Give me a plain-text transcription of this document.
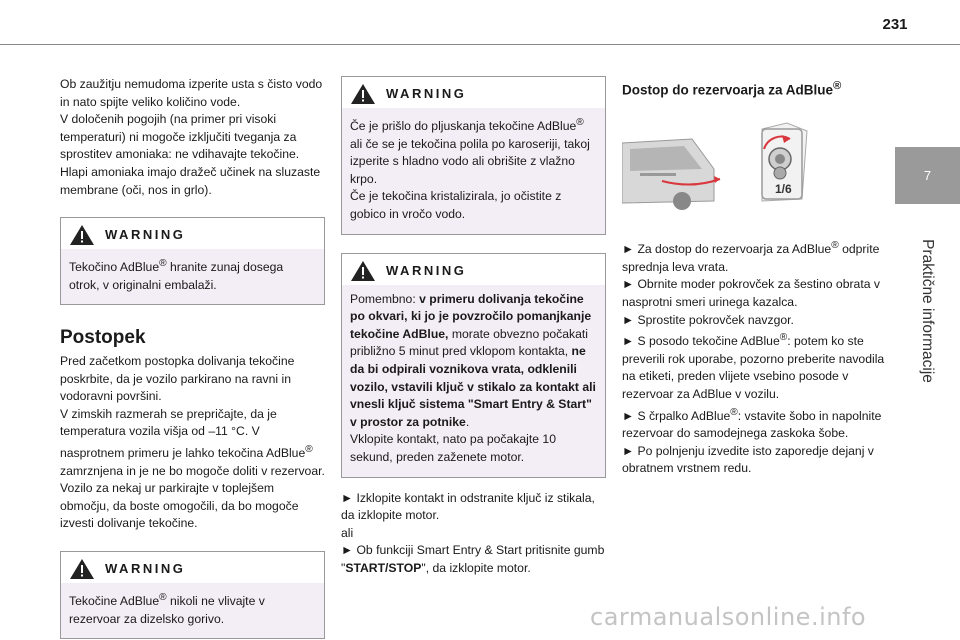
231
7
Praktične informacije

Ob zaužitju nemudoma izperite usta s čisto vodo in nato spijte veliko količino vode.
V določenih pogojih (na primer pri visoki temperaturi) ni mogoče izključiti tveganja za sprostitev amoniaka: ne vdihavajte tekočine.
Hlapi amoniaka imajo dražeč učinek na sluzaste membrane (oči, nos in grlo).

WARNING
Tekočino AdBlue® hranite zunaj dosega otrok, v originalni embalaži.
Postopek

Pred začetkom postopka dolivanja tekočine poskrbite, da je vozilo parkirano na ravni in vodoravni površini.
V zimskih razmerah se prepričajte, da je temperatura vozila višja od –11 °C. V nasprotnem primeru je lahko tekočina AdBlue® zamrznjena in je ne bo mogoče doliti v rezervoar. Vozilo za nekaj ur parkirajte v toplejšem območju, da boste omogočili, da bo mogoče izvesti dolivanje tekočine.

WARNING
Tekočine AdBlue® nikoli ne vlivajte v rezervoar za dizelsko gorivo.
WARNING
Če je prišlo do pljuskanja tekočine AdBlue® ali če se je tekočina polila po karoseriji, takoj izperite s hladno vodo ali obrišite z vlažno krpo.
Če je tekočina kristalizirala, jo očistite z gobico in vročo vodo.
WARNING
Pomembno: v primeru dolivanja tekočine po okvari, ki jo je povzročilo pomanjkanje tekočine AdBlue, morate obvezno počakati približno 5 minut pred vklopom kontakta, ne da bi odpirali voznikova vrata, odklenili vozilo, vstavili ključ v stikalo za kontakt ali vnesli ključ sistema "Smart Entry & Start" v prostor za potnike.
Vklopite kontakt, nato pa počakajte 10 sekund, preden zaženete motor.

► Izklopite kontakt in odstranite ključ iz stikala, da izklopite motor.

ali

► Ob funkciji Smart Entry & Start pritisnite gumb "START/STOP", da izklopite motor.

Dostop do rezervoarja za AdBlue®
1/6

► Za dostop do rezervoarja za AdBlue® odprite sprednja leva vrata.

► Obrnite moder pokrovček za šestino obrata v nasprotni smeri urinega kazalca.

► Sprostite pokrovček navzgor.

► S posodo tekočine AdBlue®: potem ko ste preverili rok uporabe, pozorno preberite navodila na etiketi, preden vlijete vsebino posode v rezervoar za AdBlue v vozilu.

► S črpalko AdBlue®: vstavite šobo in napolnite rezervoar do samodejnega zaskoka šobe.

► Po polnjenju izvedite isto zaporedje dejanj v obratnem vrstnem redu.

carmanualsonline.info
